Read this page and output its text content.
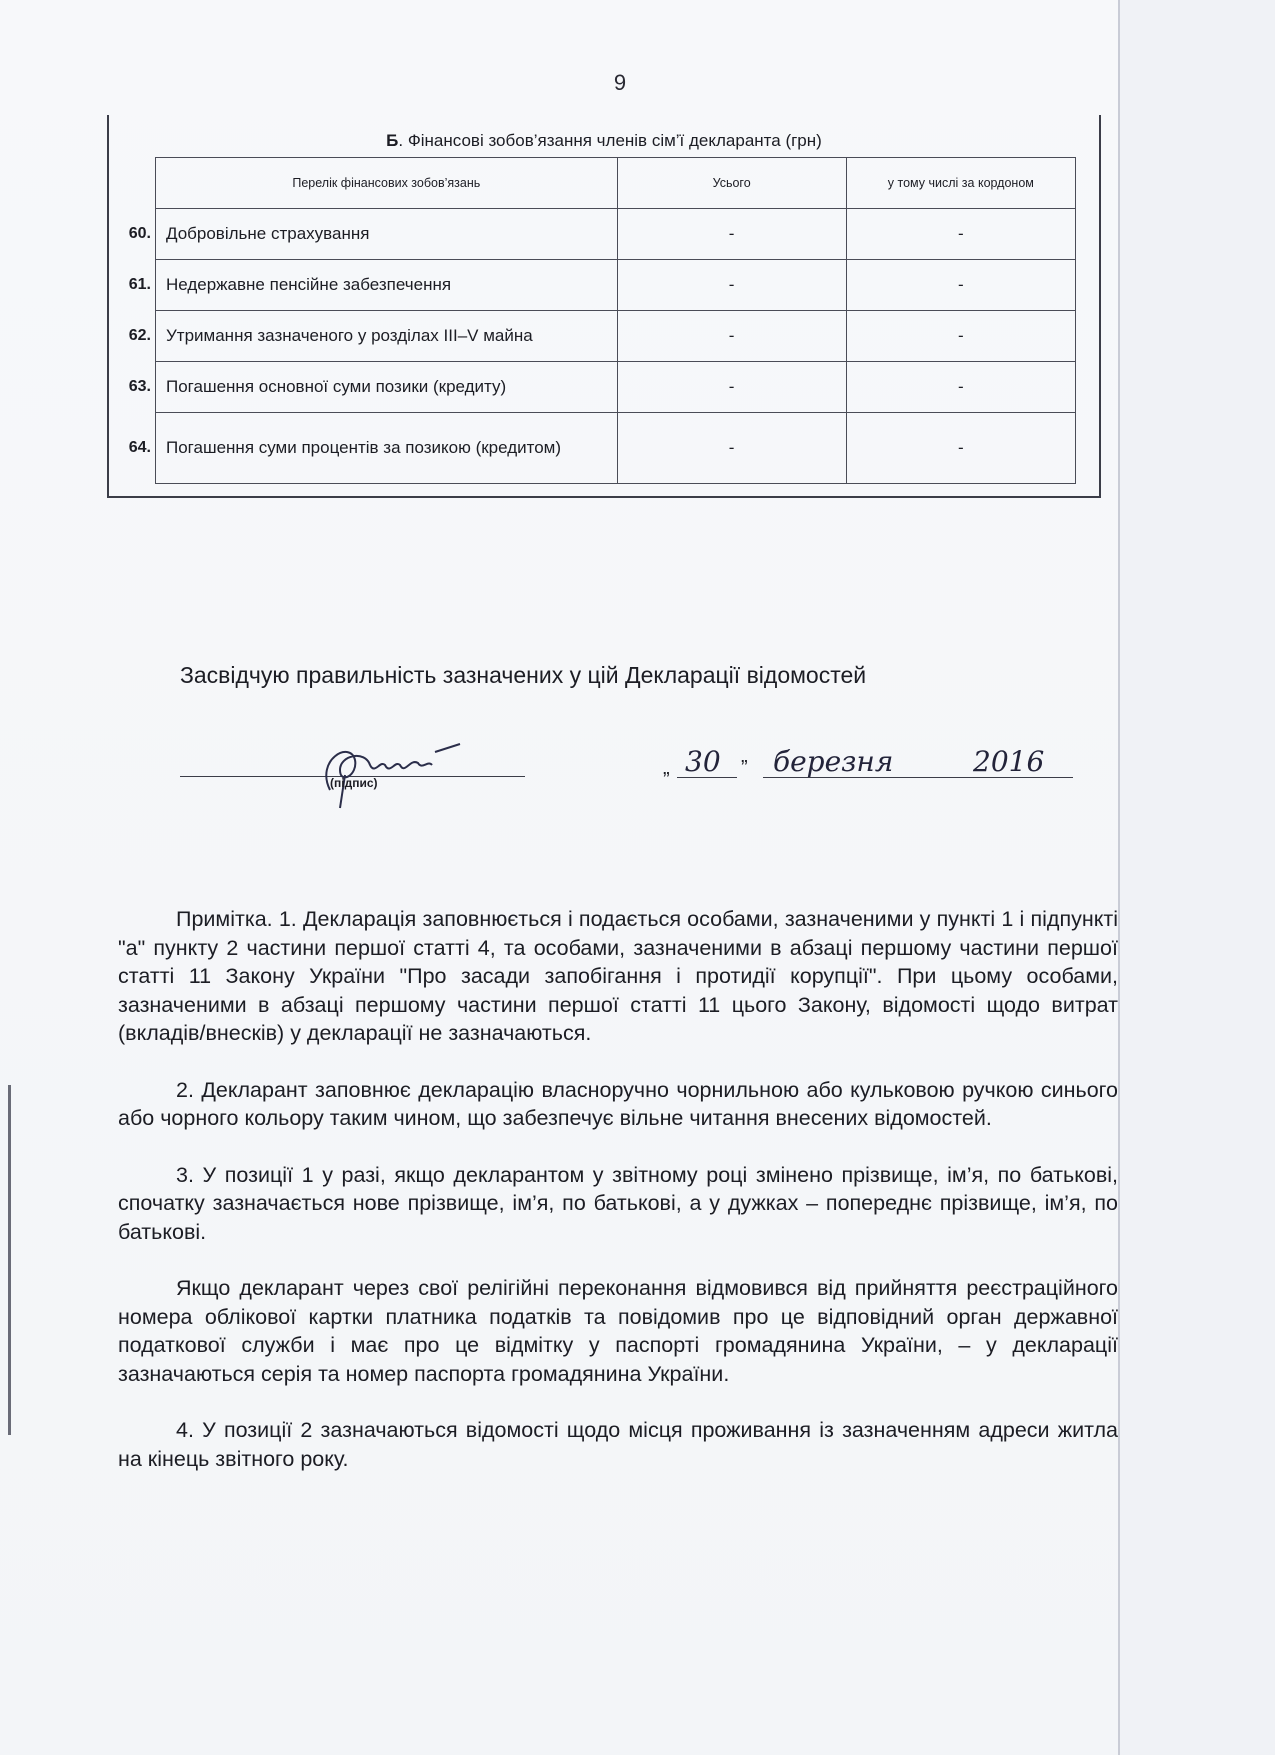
9
Б. Фінансові зобов’язання членів сім’ї декларанта (грн)
	Перелік фінансових зобов’язань	Усього	у тому числі за кордоном

60.	Добровільне страхування	-	-

61.	Недержавне пенсійне забезпечення	-	-

62.	Утримання зазначеного у розділах III–V майна	-	-

63.	Погашення основної суми позики (кредиту)	-	-

64.	Погашення суми процентів за позикою (кредитом)	-	-
Засвідчую правильність зазначених у цій Декларації відомостей
(підпис)
„ 30 ” березня	2016

Примітка. 1. Декларація заповнюється і подається особами, зазначеними у пункті 1 і підпункті "а" пункту 2 частини першої статті 4, та особами, зазначеними в абзаці першому частини першої статті 11 Закону України "Про засади запобігання і протидії корупції". При цьому особами, зазначеними в абзаці першому частини першої статті 11 цього Закону, відомості щодо витрат (вкладів/внесків) у декларації не зазначаються.

2. Декларант заповнює декларацію власноручно чорнильною або кульковою ручкою синього або чорного кольору таким чином, що забезпечує вільне читання внесених відомостей.

3. У позиції 1 у разі, якщо декларантом у звітному році змінено прізвище, ім’я, по батькові, спочатку зазначається нове прізвище, ім’я, по батькові, а у дужках – попереднє прізвище, ім’я, по батькові.

Якщо декларант через свої релігійні переконання відмовився від прийняття реєстраційного номера облікової картки платника податків та повідомив про це відповідний орган державної податкової служби і має про це відмітку у паспорті громадянина України, – у декларації зазначаються серія та номер паспорта громадянина України.

4. У позиції 2 зазначаються відомості щодо місця проживання із зазначенням адреси житла на кінець звітного року.
